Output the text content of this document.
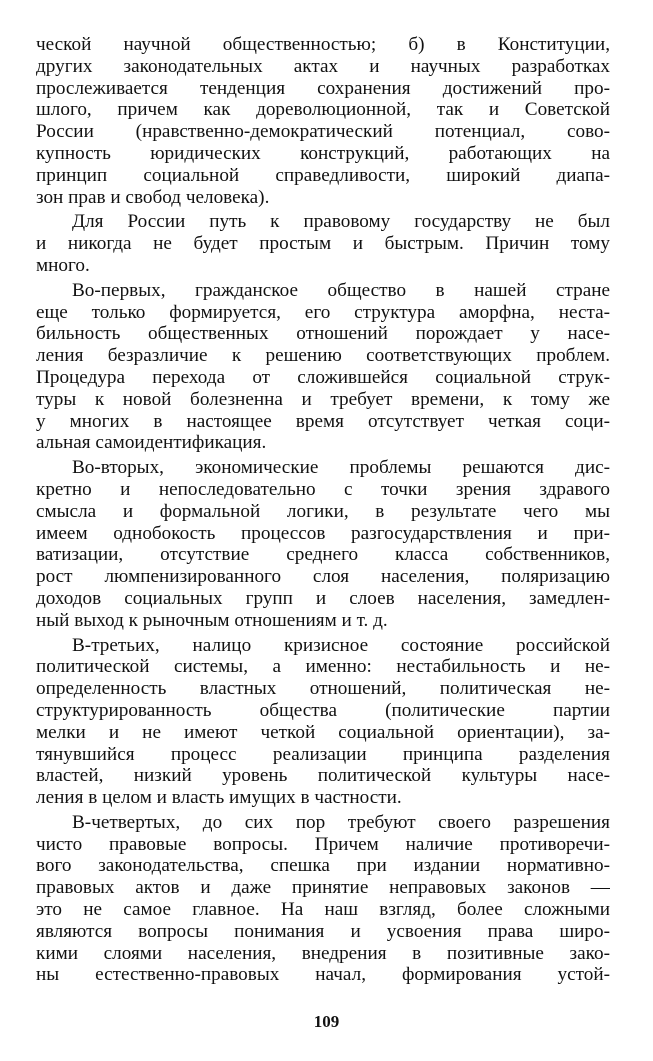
ческой научной общественностью; б) в Конституции,
других законодательных актах и научных разработках
прослеживается тенденция сохранения достижений про-
шлого, причем как дореволюционной, так и Советской
России (нравственно-демократический потенциал, сово-
купность юридических конструкций, работающих на
принцип социальной справедливости, широкий диапа-
зон прав и свобод человека).
Для России путь к правовому государству не был
и никогда не будет простым и быстрым. Причин тому
много.
Во-первых, гражданское общество в нашей стране
еще только формируется, его структура аморфна, неста-
бильность общественных отношений порождает у насе-
ления безразличие к решению соответствующих проблем.
Процедура перехода от сложившейся социальной струк-
туры к новой болезненна и требует времени, к тому же
у многих в настоящее время отсутствует четкая соци-
альная самоидентификация.
Во-вторых, экономические проблемы решаются дис-
кретно и непоследовательно с точки зрения здравого
смысла и формальной логики, в результате чего мы
имеем однобокость процессов разгосударствления и при-
ватизации, отсутствие среднего класса собственников,
рост люмпенизированного слоя населения, поляризацию
доходов социальных групп и слоев населения, замедлен-
ный выход к рыночным отношениям и т. д.
В-третьих, налицо кризисное состояние российской
политической системы, а именно: нестабильность и не-
определенность властных отношений, политическая не-
структурированность общества (политические партии
мелки и не имеют четкой социальной ориентации), за-
тянувшийся процесс реализации принципа разделения
властей, низкий уровень политической культуры насе-
ления в целом и власть имущих в частности.
В-четвертых, до сих пор требуют своего разрешения
чисто правовые вопросы. Причем наличие противоречи-
вого законодательства, спешка при издании нормативно-
правовых актов и даже принятие неправовых законов —
это не самое главное. На наш взгляд, более сложными
являются вопросы понимания и усвоения права широ-
кими слоями населения, внедрения в позитивные зако-
ны естественно-правовых начал, формирования устой-
109
